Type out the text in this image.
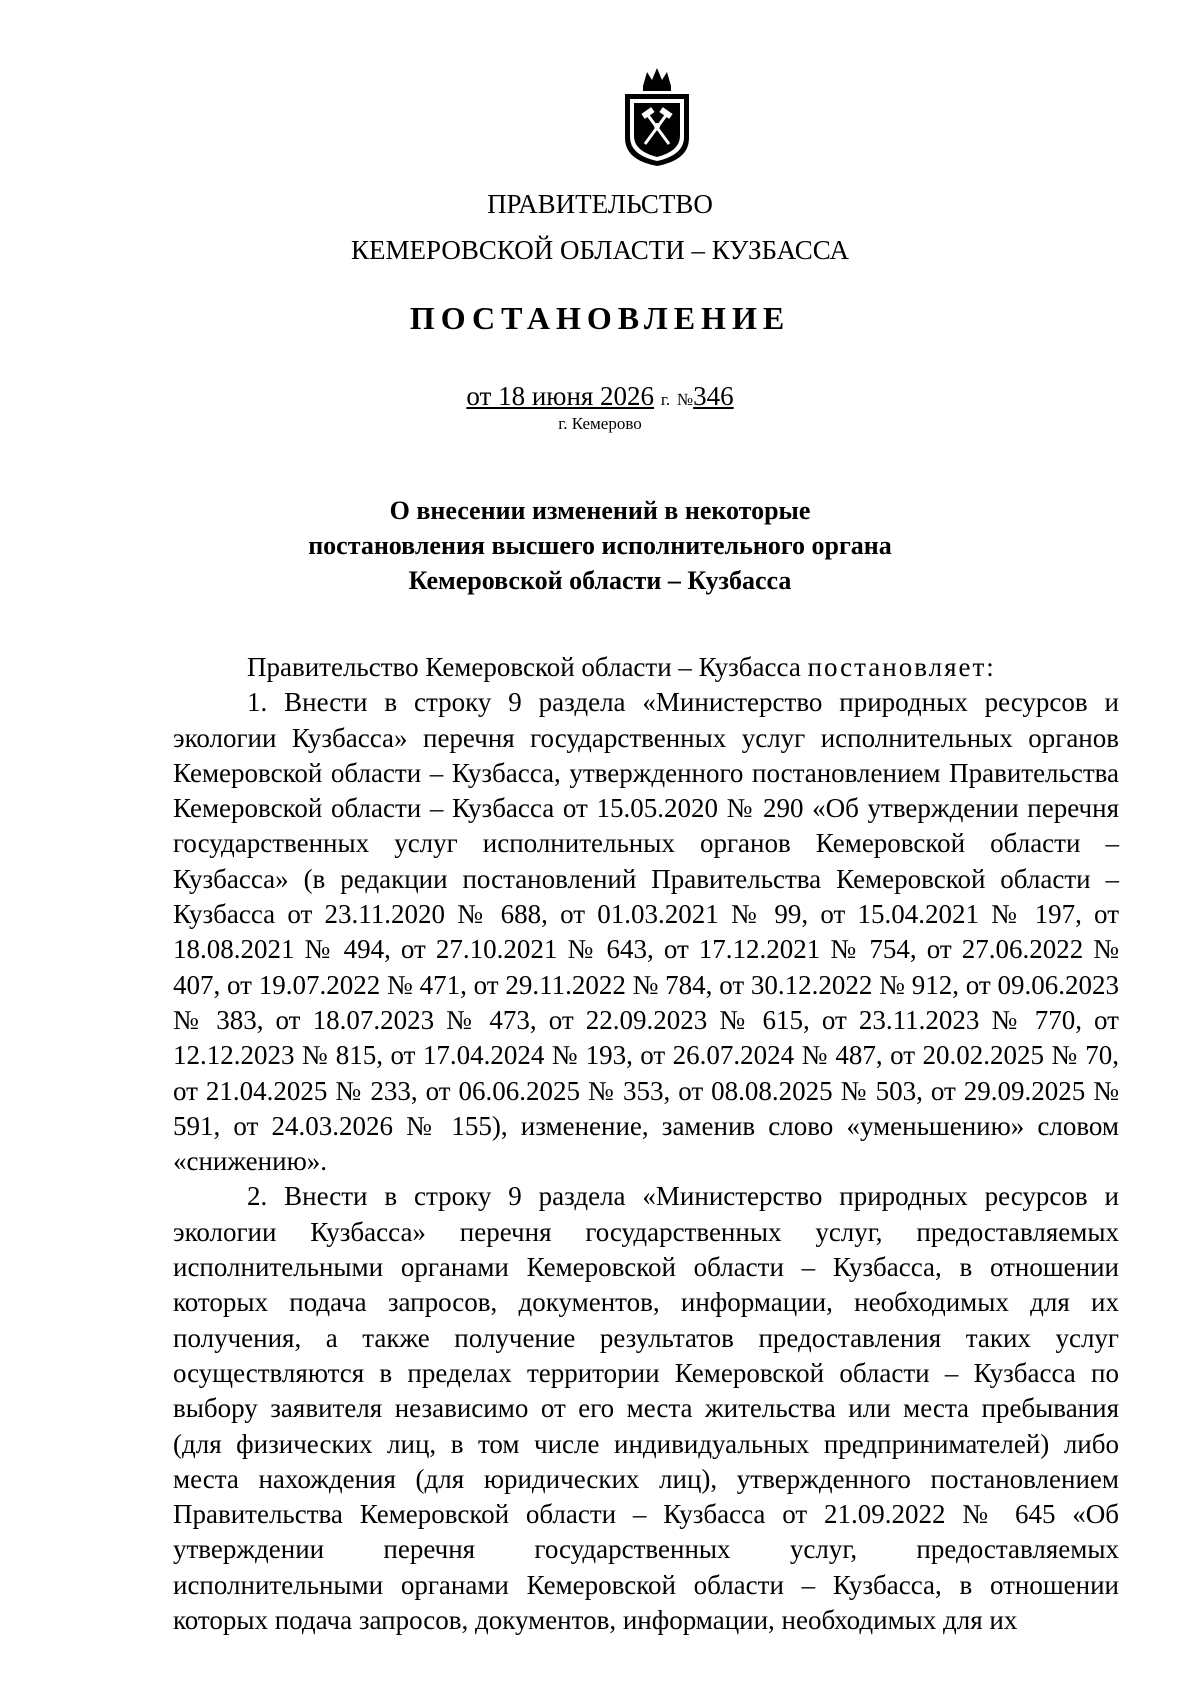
ПРАВИТЕЛЬСТВО
КЕМЕРОВСКОЙ ОБЛАСТИ – КУЗБАССА
ПОСТАНОВЛЕНИЕ
от 18 июня 2026 г. №346
г. Кемерово
О внесении изменений в некоторые
постановления высшего исполнительного органа
Кемеровской области – Кузбасса

Правительство Кемеровской области – Кузбасса постановляет:

1. Внести в строку 9 раздела «Министерство природных ресурсов и экологии Кузбасса» перечня государственных услуг исполнительных органов Кемеровской области – Кузбасса, утвержденного постановлением Правительства Кемеровской области – Кузбасса от 15.05.2020 № 290 «Об утверждении перечня государственных услуг исполнительных органов Кемеровской области – Кузбасса» (в редакции постановлений Правительства Кемеровской области – Кузбасса от 23.11.2020 № 688, от 01.03.2021 № 99, от 15.04.2021 № 197, от 18.08.2021 № 494, от 27.10.2021 № 643, от 17.12.2021 № 754, от 27.06.2022 № 407, от 19.07.2022 № 471, от 29.11.2022 № 784, от 30.12.2022 № 912, от 09.06.2023 № 383, от 18.07.2023 № 473, от 22.09.2023 № 615, от 23.11.2023 № 770, от 12.12.2023 № 815, от 17.04.2024 № 193, от 26.07.2024 № 487, от 20.02.2025 № 70, от 21.04.2025 № 233, от 06.06.2025 № 353, от 08.08.2025 № 503, от 29.09.2025 № 591, от 24.03.2026 № 155), изменение, заменив слово «уменьшению» словом «снижению».

2. Внести в строку 9 раздела «Министерство природных ресурсов и экологии Кузбасса» перечня государственных услуг, предоставляемых исполнительными органами Кемеровской области – Кузбасса, в отношении которых подача запросов, документов, информации, необходимых для их получения, а также получение результатов предоставления таких услуг осуществляются в пределах территории Кемеровской области – Кузбасса по выбору заявителя независимо от его места жительства или места пребывания (для физических лиц, в том числе индивидуальных предпринимателей) либо места нахождения (для юридических лиц), утвержденного постановлением Правительства Кемеровской области – Кузбасса от 21.09.2022 № 645 «Об утверждении перечня государственных услуг, предоставляемых исполнительными органами Кемеровской области – Кузбасса, в отношении которых подача запросов, документов, информации, необходимых для их
